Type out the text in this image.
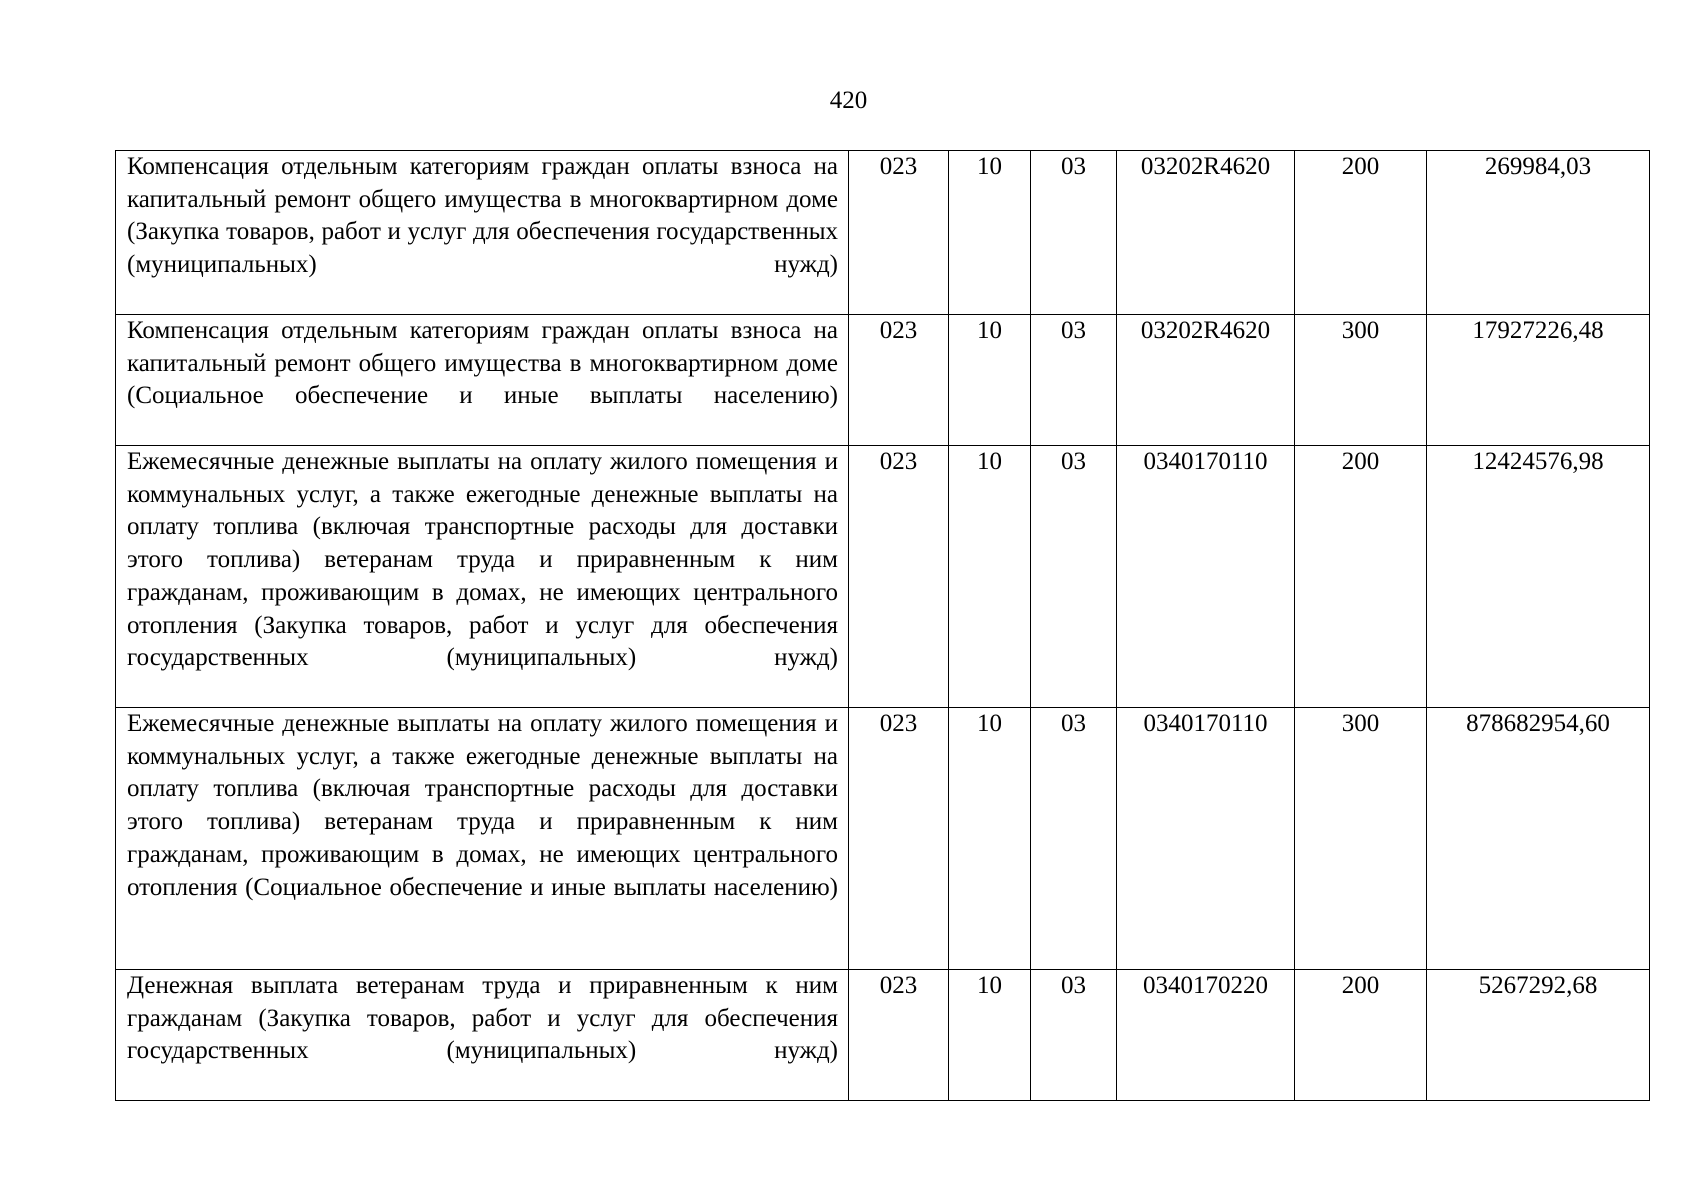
420
Компенсация отдельным категориям граждан оплаты взноса на капитальный ремонт общего имущества в многоквартирном доме (Закупка товаров, работ и услуг для обеспечения государственных (муниципальных) нужд)	023	10	03	03202R4620	200	269984,03

Компенсация отдельным категориям граждан оплаты взноса на капитальный ремонт общего имущества в многоквартирном доме (Социальное обеспечение и иные выплаты населению)	023	10	03	03202R4620	300	17927226,48

Ежемесячные денежные выплаты на оплату жилого помещения и коммунальных услуг, а также ежегодные денежные выплаты на оплату топлива (включая транспортные расходы для доставки этого топлива) ветеранам труда и приравненным к ним гражданам, проживающим в домах, не имеющих центрального отопления (Закупка товаров, работ и услуг для обеспечения государственных (муниципальных) нужд)	023	10	03	0340170110	200	12424576,98

Ежемесячные денежные выплаты на оплату жилого помещения и коммунальных услуг, а также ежегодные денежные выплаты на оплату топлива (включая транспортные расходы для доставки этого топлива) ветеранам труда и приравненным к ним гражданам, проживающим в домах, не имеющих центрального отопления (Социальное обеспечение и иные выплаты населению)	023	10	03	0340170110	300	878682954,60

Денежная выплата ветеранам труда и приравненным к ним гражданам (Закупка товаров, работ и услуг для обеспечения государственных (муниципальных) нужд)	023	10	03	0340170220	200	5267292,68
